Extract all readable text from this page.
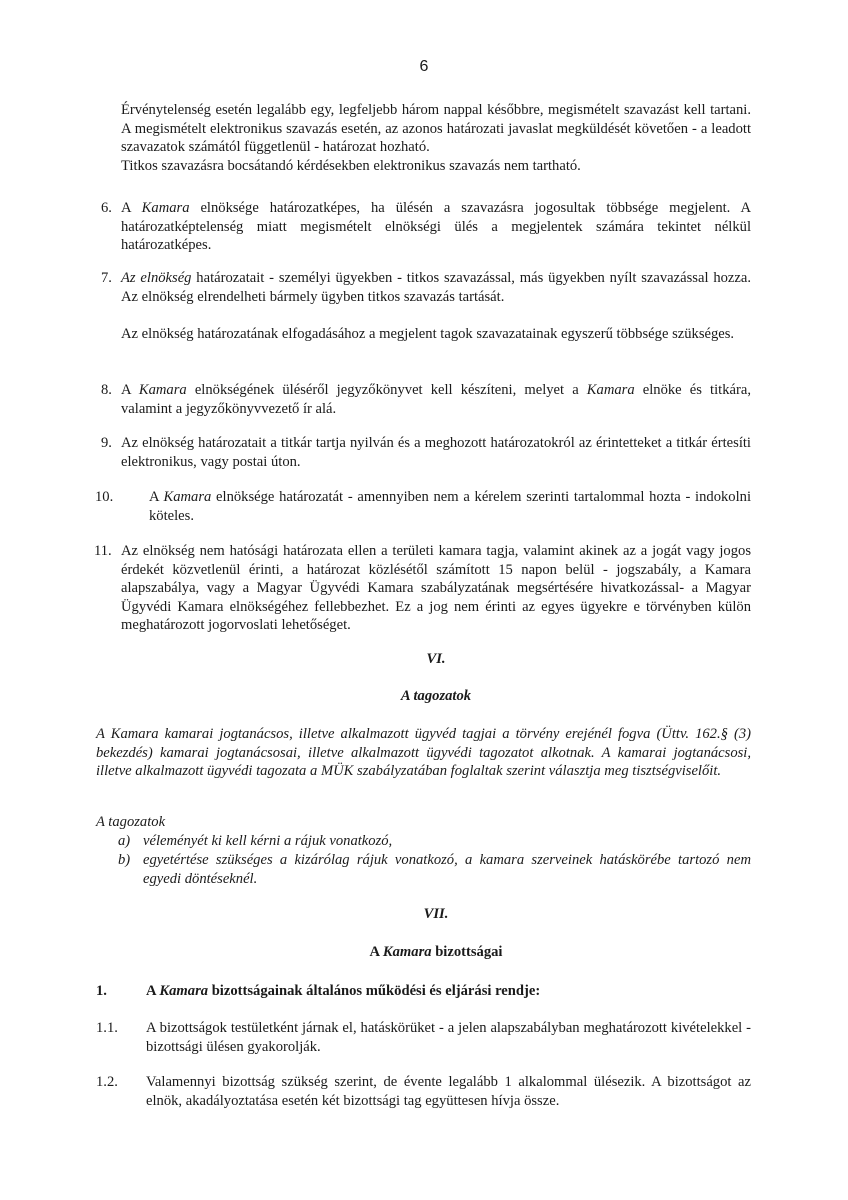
6

Érvénytelenség esetén legalább egy, legfeljebb három nappal későbbre, megismételt szavazást kell tartani. A megismételt elektronikus szavazás esetén, az azonos határozati javaslat megküldését követően - a leadott szavazatok számától függetlenül - határozat hozható.

Titkos szavazásra bocsátandó kérdésekben elektronikus szavazás nem tartható.

6. A Kamara elnöksége határozatképes, ha ülésén a szavazásra jogosultak többsége megjelent. A határozatképtelenség miatt megismételt elnökségi ülés a megjelentek számára tekintet nélkül határozatképes.

7. Az elnökség határozatait - személyi ügyekben - titkos szavazással, más ügyekben nyílt szavazással hozza. Az elnökség elrendelheti bármely ügyben titkos szavazás tartását.

Az elnökség határozatának elfogadásához a megjelent tagok szavazatainak egyszerű többsége szükséges.

8. A Kamara elnökségének üléséről jegyzőkönyvet kell készíteni, melyet a Kamara elnöke és titkára, valamint a jegyzőkönyvvezető ír alá.

9. Az elnökség határozatait a titkár tartja nyilván és a meghozott határozatokról az érintetteket a titkár értesíti elektronikus, vagy postai úton.

10. A Kamara elnöksége határozatát - amennyiben nem a kérelem szerinti tartalommal hozta - indokolni köteles.

11. Az elnökség nem hatósági határozata ellen a területi kamara tagja, valamint akinek az a jogát vagy jogos érdekét közvetlenül érinti, a határozat közlésétől számított 15 napon belül - jogszabály, a Kamara alapszabálya, vagy a Magyar Ügyvédi Kamara szabályzatának megsértésére hivatkozással- a Magyar Ügyvédi Kamara elnökségéhez fellebbezhet. Ez a jog nem érinti az egyes ügyekre e törvényben külön meghatározott jogorvoslati lehetőséget.

VI.
A tagozatok

A Kamara kamarai jogtanácsos, illetve alkalmazott ügyvéd tagjai a törvény erejénél fogva (Üttv. 162.§ (3) bekezdés) kamarai jogtanácsosai, illetve alkalmazott ügyvédi tagozatot alkotnak. A kamarai jogtanácsosi, illetve alkalmazott ügyvédi tagozata a MÜK szabályzatában foglaltak szerint választja meg tisztségviselőit.

A tagozatok
a) véleményét ki kell kérni a rájuk vonatkozó,

b) egyetértése szükséges a kizárólag rájuk vonatkozó, a kamara szerveinek hatáskörébe tartozó nem egyedi döntéseknél.

VII.
A Kamara bizottságai
1.	A Kamara bizottságainak általános működési és eljárási rendje:
1.1. A bizottságok testületként járnak el, hatáskörüket - a jelen alapszabályban meghatározott kivételekkel - bizottsági ülésen gyakorolják.

1.2. Valamennyi bizottság szükség szerint, de évente legalább 1 alkalommal ülésezik. A bizottságot az elnök, akadályoztatása esetén két bizottsági tag együttesen hívja össze.
